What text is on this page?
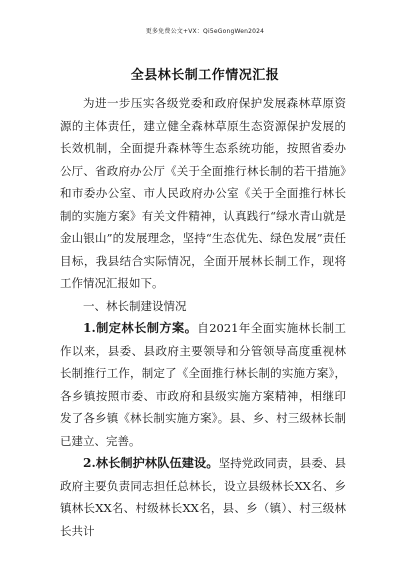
更多免费公文+VX：Qi5eGongWen2024
全县林长制工作情况汇报

为进一步压实各级党委和政府保护发展森林草原资源的主体责任，建立健全森林草原生态资源保护发展的长效机制，全面提升森林等生态系统功能，按照省委办公厅、省政府办公厅《关于全面推行林长制的若干措施》和市委办公室、市人民政府办公室《关于全面推行林长制的实施方案》有关文件精神，认真践行“绿水青山就是金山银山”的发展理念，坚持“生态优先、绿色发展”责任目标，我县结合实际情况，全面开展林长制工作，现将工作情况汇报如下。

一、林长制建设情况

1.制定林长制方案。自2021年全面实施林长制工作以来，县委、县政府主要领导和分管领导高度重视林长制推行工作，制定了《全面推行林长制的实施方案》，各乡镇按照市委、市政府和县级实施方案精神，相继印发了各乡镇《林长制实施方案》。县、乡、村三级林长制已建立、完善。

2.林长制护林队伍建设。坚持党政同责，县委、县政府主要负责同志担任总林长，设立县级林长XX名、乡镇林长XX名、村级林长XX名，县、乡（镇）、村三级林长共计
